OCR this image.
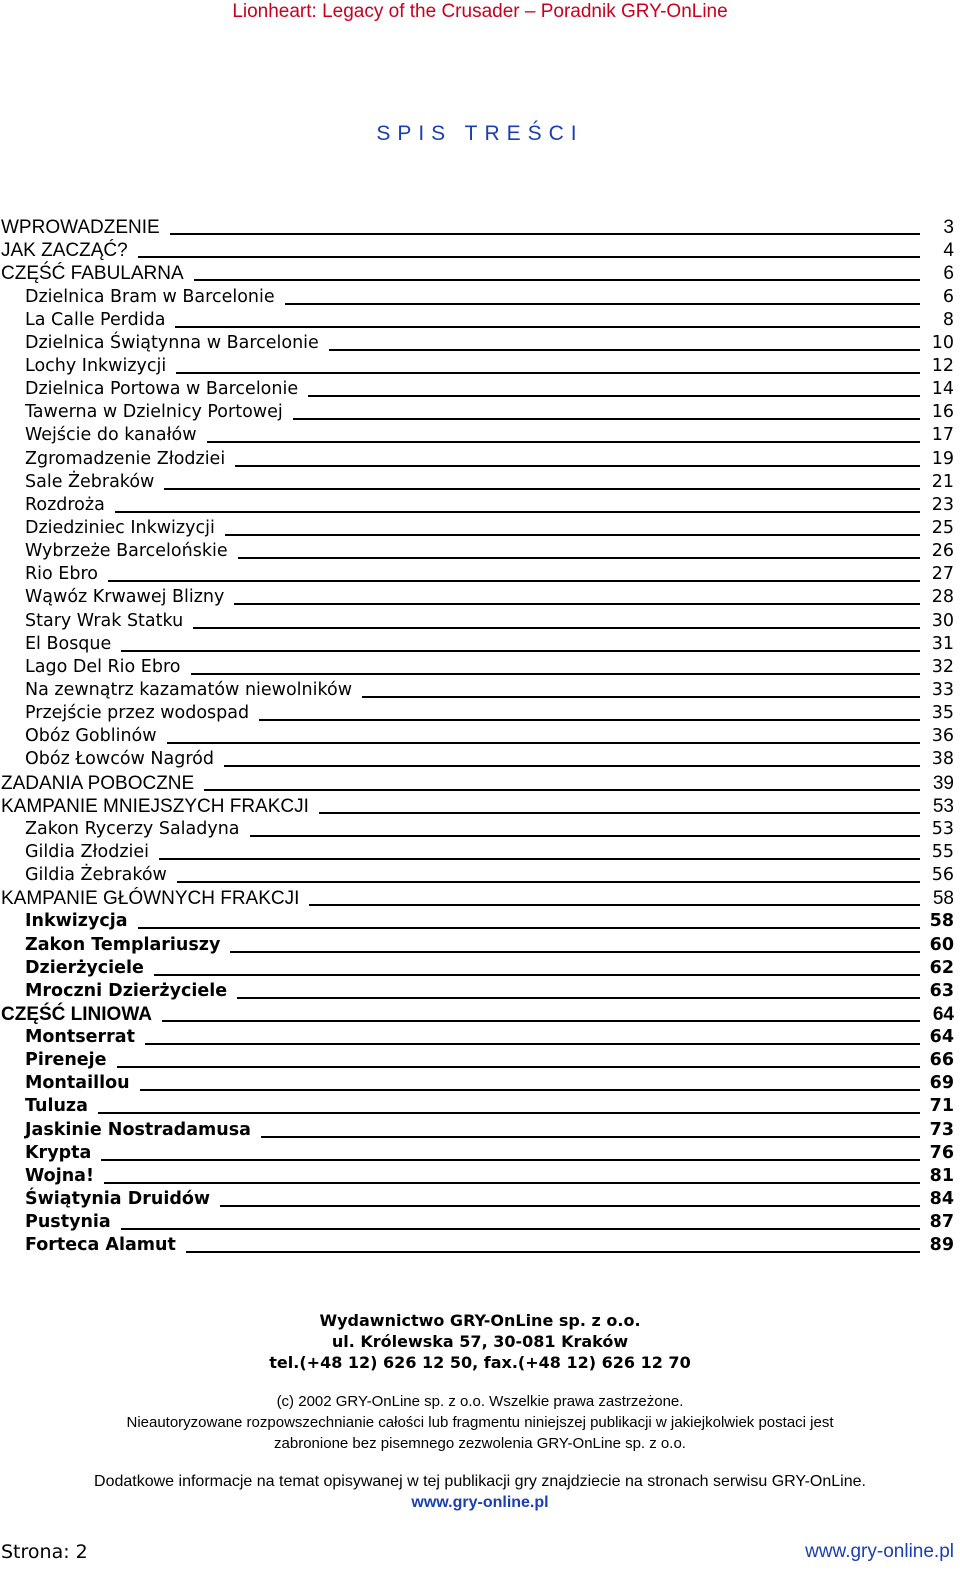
Lionheart: Legacy of the Crusader – Poradnik GRY-OnLine
SPIS TREŚCI
WPROWADZENIE	3
JAK ZACZĄĆ?	4
CZĘŚĆ FABULARNA	6
Dzielnica Bram w Barcelonie	6
La Calle Perdida	8
Dzielnica Świątynna w Barcelonie	10
Lochy Inkwizycji	12
Dzielnica Portowa w Barcelonie	14
Tawerna w Dzielnicy Portowej	16
Wejście do kanałów	17
Zgromadzenie Złodziei	19
Sale Żebraków	21
Rozdroża	23
Dziedziniec Inkwizycji	25
Wybrzeże Barcelońskie	26
Rio Ebro	27
Wąwóz Krwawej Blizny	28
Stary Wrak Statku	30
El Bosque	31
Lago Del Rio Ebro	32
Na zewnątrz kazamatów niewolników	33
Przejście przez wodospad	35
Obóz Goblinów	36
Obóz Łowców Nagród	38
ZADANIA POBOCZNE	39
KAMPANIE MNIEJSZYCH FRAKCJI	53
Zakon Rycerzy Saladyna	53
Gildia Złodziei	55
Gildia Żebraków	56
KAMPANIE GŁÓWNYCH FRAKCJI	58
Inkwizycja	58
Zakon Templariuszy	60
Dzierżyciele	62
Mroczni Dzierżyciele	63
CZĘŚĆ LINIOWA	64
Montserrat	64
Pireneje	66
Montaillou	69
Tuluza	71
Jaskinie Nostradamusa	73
Krypta	76
Wojna!	81
Świątynia Druidów	84
Pustynia	87
Forteca Alamut	89
Wydawnictwo GRY-OnLine sp. z o.o.
ul. Królewska 57, 30-081 Kraków
tel.(+48 12) 626 12 50, fax.(+48 12) 626 12 70
(c) 2002 GRY-OnLine sp. z o.o. Wszelkie prawa zastrzeżone.
Nieautoryzowane rozpowszechnianie całości lub fragmentu niniejszej publikacji w jakiejkolwiek postaci jest
zabronione bez pisemnego zezwolenia GRY-OnLine sp. z o.o.
Dodatkowe informacje na temat opisywanej w tej publikacji gry znajdziecie na stronach serwisu GRY-OnLine.
www.gry-online.pl
Strona: 2	www.gry-online.pl
